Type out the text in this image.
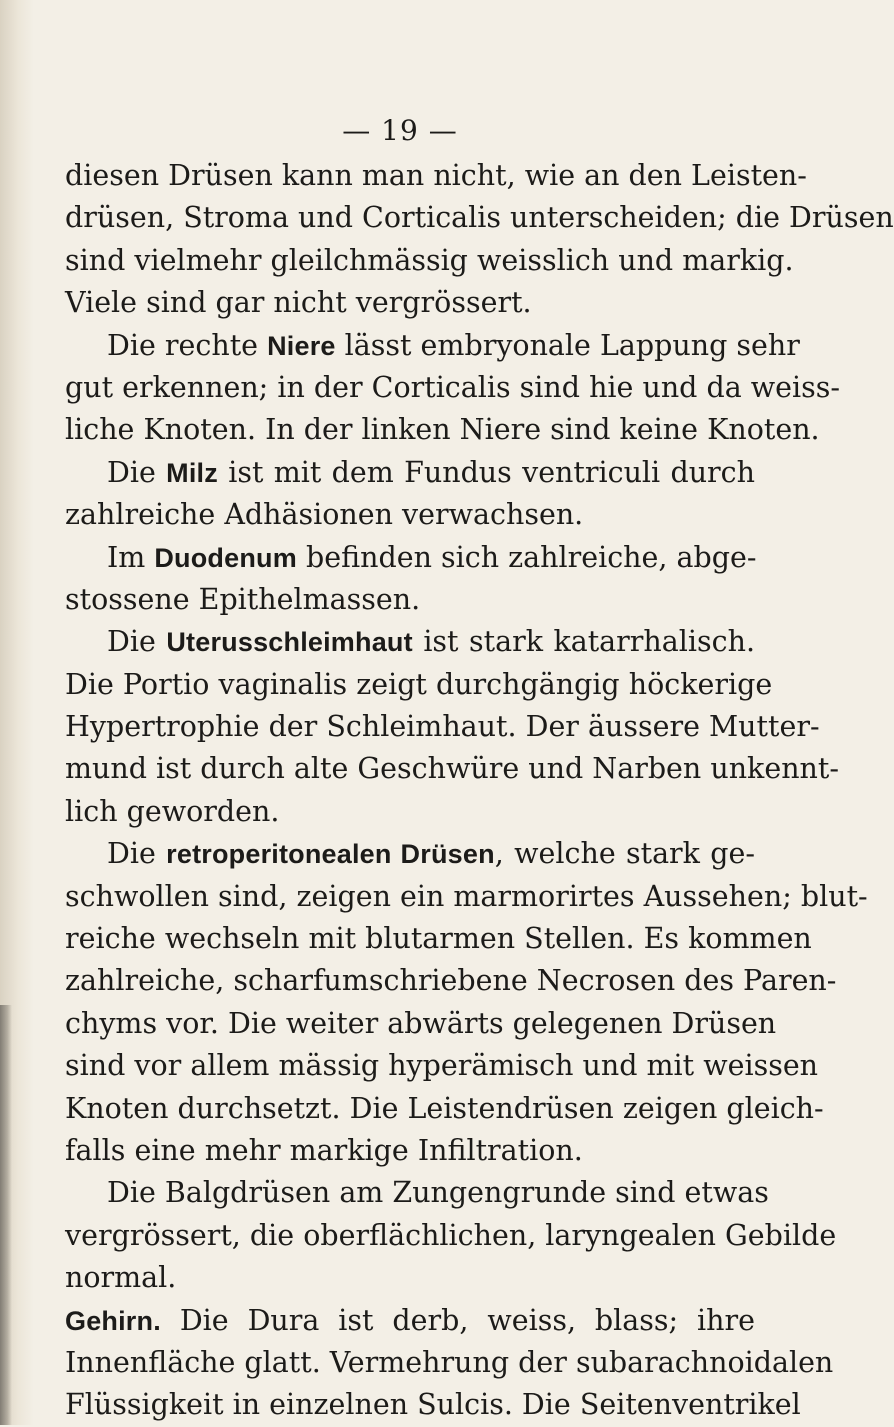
— 19 —
diesen Drüsen kann man nicht, wie an den Leisten-
drüsen, Stroma und Corticalis unterscheiden; die Drüsen
sind vielmehr gleilchmässig weisslich und markig.
Viele sind gar nicht vergrössert.
Die rechte Niere lässt embryonale Lappung sehr
gut erkennen; in der Corticalis sind hie und da weiss-
liche Knoten. In der linken Niere sind keine Knoten.
Die Milz ist mit dem Fundus ventriculi durch
zahlreiche Adhäsionen verwachsen.
Im Duodenum befinden sich zahlreiche, abge-
stossene Epithelmassen.
Die Uterusschleimhaut ist stark katarrhalisch.
Die Portio vaginalis zeigt durchgängig höckerige
Hypertrophie der Schleimhaut. Der äussere Mutter-
mund ist durch alte Geschwüre und Narben unkennt-
lich geworden.
Die retroperitonealen Drüsen, welche stark ge-
schwollen sind, zeigen ein marmorirtes Aussehen; blut-
reiche wechseln mit blutarmen Stellen. Es kommen
zahlreiche, scharfumschriebene Necrosen des Paren-
chyms vor. Die weiter abwärts gelegenen Drüsen
sind vor allem mässig hyperämisch und mit weissen
Knoten durchsetzt. Die Leistendrüsen zeigen gleich-
falls eine mehr markige Infiltration.
Die Balgdrüsen am Zungengrunde sind etwas
vergrössert, die oberflächlichen, laryngealen Gebilde
normal.
Gehirn. Die Dura ist derb, weiss, blass; ihre
Innenfläche glatt. Vermehrung der subarachnoidalen
Flüssigkeit in einzelnen Sulcis. Die Seitenventrikel
